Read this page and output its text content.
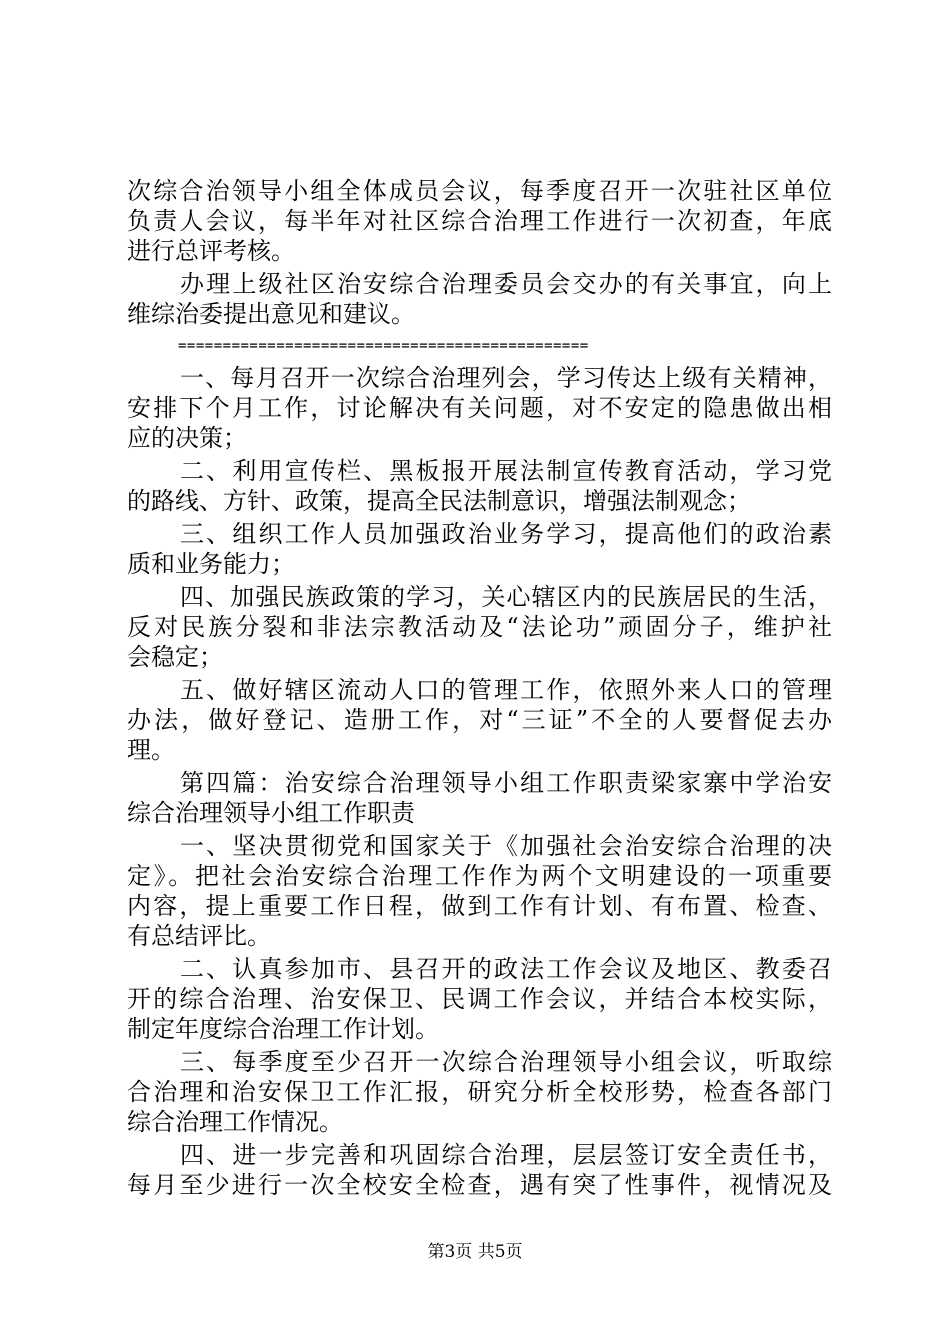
次综合治领导小组全体成员会议，每季度召开一次驻社区单位
负责人会议，每半年对社区综合治理工作进行一次初查，年底
进行总评考核。
办理上级社区治安综合治理委员会交办的有关事宜，向上
维综治委提出意见和建议。
==============================================
一、每月召开一次综合治理列会，学习传达上级有关精神，
安排下个月工作，讨论解决有关问题，对不安定的隐患做出相
应的决策；
二、利用宣传栏、黑板报开展法制宣传教育活动，学习党
的路线、方针、政策，提高全民法制意识，增强法制观念；
三、组织工作人员加强政治业务学习，提高他们的政治素
质和业务能力；
四、加强民族政策的学习，关心辖区内的民族居民的生活，
反对民族分裂和非法宗教活动及“法论功”顽固分子，维护社
会稳定；
五、做好辖区流动人口的管理工作，依照外来人口的管理
办法，做好登记、造册工作，对“三证”不全的人要督促去办
理。
第四篇：治安综合治理领导小组工作职责梁家寨中学治安
综合治理领导小组工作职责
一、坚决贯彻党和国家关于《加强社会治安综合治理的决
定》。把社会治安综合治理工作作为两个文明建设的一项重要
内容，提上重要工作日程，做到工作有计划、有布置、检查、
有总结评比。
二、认真参加市、县召开的政法工作会议及地区、教委召
开的综合治理、治安保卫、民调工作会议，并结合本校实际，
制定年度综合治理工作计划。
三、每季度至少召开一次综合治理领导小组会议，听取综
合治理和治安保卫工作汇报，研究分析全校形势，检查各部门
综合治理工作情况。
四、进一步完善和巩固综合治理，层层签订安全责任书，
每月至少进行一次全校安全检查，遇有突了性事件，视情况及
第3页 共5页
